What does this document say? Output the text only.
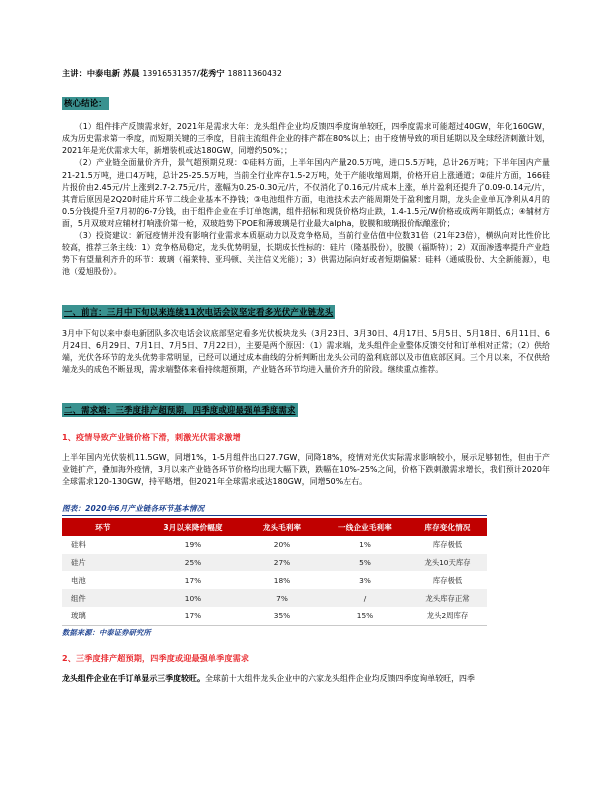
主讲：中泰电新 苏晨 13916531357/花秀宁 18811360432

核心结论：

（1）组件排产反馈需求好，2021年是需求大年：龙头组件企业均反馈四季度询单较旺，四季度需求可能超过40GW，年化160GW，成为历史需求第一季度，而短期关键的三季度，目前主流组件企业的排产都在80%以上；由于疫情导致的项目延期以及全球经济刺激计划，2021年是光伏需求大年，新增装机或达180GW，同增约50%；；

（2）产业链全面量价齐升，景气超预期兑现：①硅料方面，上半年国内产量20.5万吨，进口5.5万吨，总计26万吨；下半年国内产量21-21.5万吨，进口4万吨，总计25-25.5万吨，当前全行业库存1.5-2万吨，处于产能收缩周期，价格开启上涨通道；②硅片方面，166硅片报价由2.45元/片上涨到2.7-2.75元/片，涨幅为0.25-0.30元/片，不仅消化了0.16元/片成本上涨，单片盈利还提升了0.09-0.14元/片，其背后原因是2Q20时硅片环节二线企业基本不挣钱；③电池组件方面，电池技术去产能周期处于盈利蜜月期，龙头企业单瓦净利从4月的0.5分钱提升至7月初的6-7分钱，由于组件企业在手订单饱满，组件招标和现货价格均止跌，1.4-1.5元/W价格或成两年期低点；④辅材方面，5月双玻对应辅材打响涨价第一枪，双玻趋势下POE和薄玻璃是行业最大alpha，胶膜和玻璃报价酝酿涨价；

（3）投资建议：新冠疫情并没有影响行业需求本质驱动力以及竞争格局，当前行业估值中位数31倍（21年23倍），横纵向对比性价比较高，推荐三条主线：1）竞争格局稳定，龙头优势明显，长期成长性标的：硅片（隆基股份），胶膜（福斯特）；2）双面渗透率提升产业趋势下有望量利齐升的环节：玻璃（福莱特、亚玛顿、关注信义光能）；3）供需边际向好或者短期偏紧：硅料（通威股份、大全新能源），电池（爱旭股份）。

一、前言：三月中下旬以来连续11次电话会议坚定看多光伏产业链龙头

3月中下旬以来中泰电新团队多次电话会议底部坚定看多光伏板块龙头（3月23日、3月30日、4月17日、5月5日、5月18日、6月11日、6月24日、6月29日、7月1日、7月5日、7月22日），主要是两个原因：（1）需求端，龙头组件企业整体反馈交付和订单相对正常；（2）供给端，光伏各环节的龙头优势非常明显，已经可以通过成本曲线的分析判断出龙头公司的盈利底部以及市值底部区间。三个月以来，不仅供给端龙头的成色不断显现，需求端整体来看持续超预期，产业链各环节均进入量价齐升的阶段。继续重点推荐。

二、需求端：三季度排产超预期，四季度或迎最强单季度需求

1、疫情导致产业链价格下滑，刺激光伏需求激增

上半年国内光伏装机11.5GW，同增1%，1-5月组件出口27.7GW，同降18%，疫情对光伏实际需求影响较小，展示足够韧性，但由于产业链扩产，叠加海外疫情，3月以来产业链各环节价格均出现大幅下跌，跌幅在10%-25%之间，价格下跌刺激需求增长，我们预计2020年全球需求120-130GW，持平略增，但2021年全球需求或达180GW，同增50%左右。

图表：2020年6月产业链各环节基本情况
环节	3月以来降价幅度	龙头毛利率	一线企业毛利率	库存变化情况
硅料	19%	20%	1%	库存极低
硅片	25%	27%	5%	龙头10天库存
电池	17%	18%	3%	库存极低
组件	10%	7%	/	龙头库存正常
玻璃	17%	35%	15%	龙头2周库存

数据来源：中泰证券研究所

2、三季度排产超预期，四季度或迎最强单季度需求

龙头组件企业在手订单显示三季度较旺。全球前十大组件龙头企业中的六家龙头组件企业均反馈四季度询单较旺，四季
